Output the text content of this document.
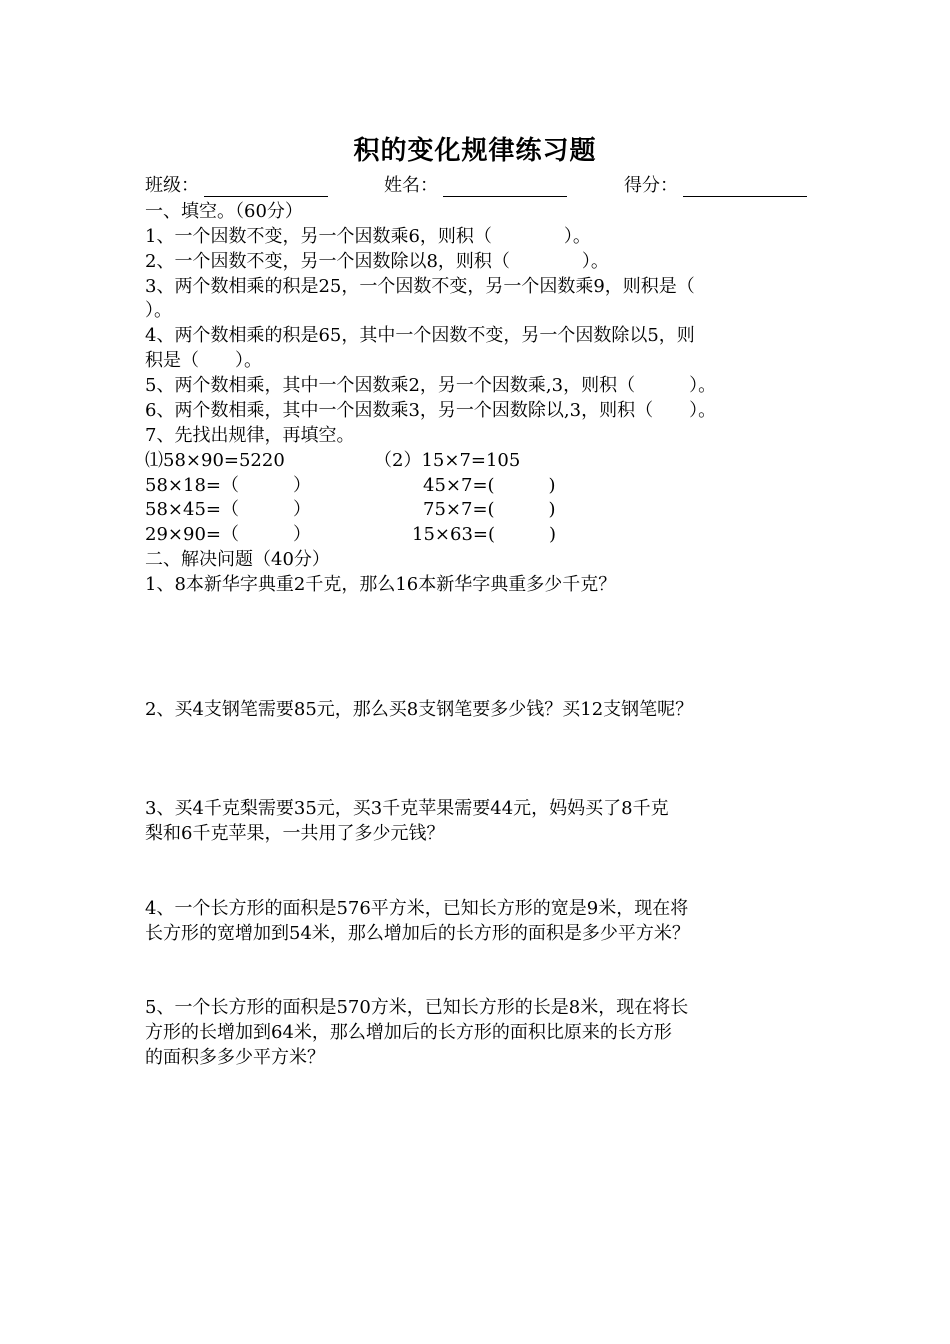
积的变化规律练习题
班级：	姓名：	得分：
一、填空。（60分）
1、一个因数不变，另一个因数乘6，则积（　　　　）。
2、一个因数不变，另一个因数除以8，则积（　　　　）。
3、两个数相乘的积是25，一个因数不变，另一个因数乘9，则积是（
）。
4、两个数相乘的积是65，其中一个因数不变，另一个因数除以5，则
积是（　　）。
5、两个数相乘，其中一个因数乘2，另一个因数乘,3，则积（　　　）。
6、两个数相乘，其中一个因数乘3，另一个因数除以,3，则积（　　）。
7、先找出规律，再填空。
⑴58×90=5220
58×18=（　　　）
58×45=（　　　）
29×90=（　　　）
（2）15×7=105
45×7=(　　　)
75×7=(　　　)
15×63=(　　　)
二、解决问题（40分）
1、8本新华字典重2千克，那么16本新华字典重多少千克？
2、买4支钢笔需要85元，那么买8支钢笔要多少钱？买12支钢笔呢？
3、买4千克梨需要35元，买3千克苹果需要44元，妈妈买了8千克
梨和6千克苹果，一共用了多少元钱？
4、一个长方形的面积是576平方米，已知长方形的宽是9米，现在将
长方形的宽增加到54米，那么增加后的长方形的面积是多少平方米？
5、一个长方形的面积是570方米，已知长方形的长是8米，现在将长
方形的长增加到64米，那么增加后的长方形的面积比原来的长方形
的面积多多少平方米？
